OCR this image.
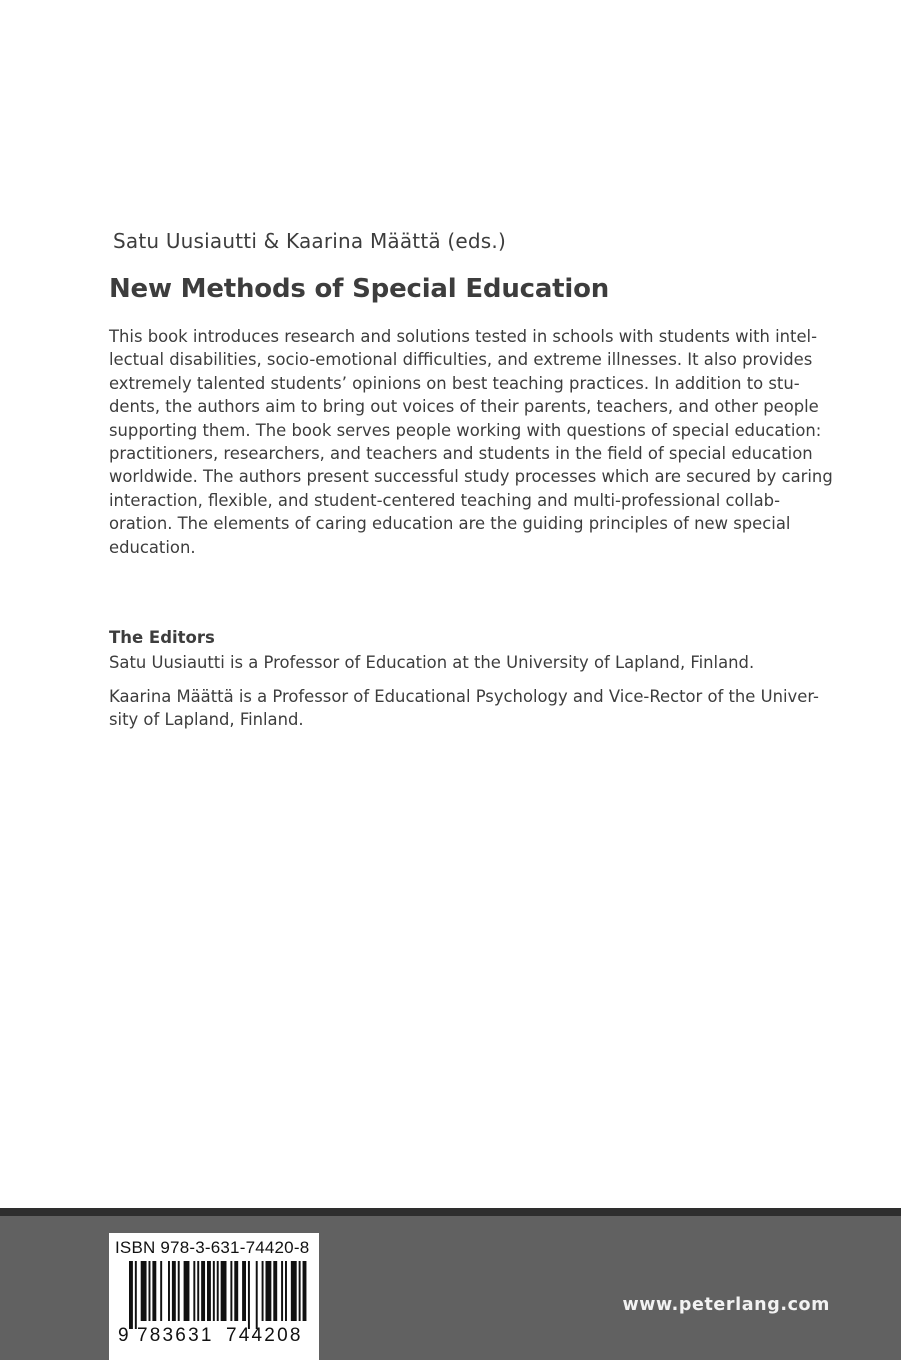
Satu Uusiautti & Kaarina Määttä (eds.)
New Methods of Special Education
This book introduces research and solutions tested in schools with students with intel-
lectual disabilities, socio-emotional difficulties, and extreme illnesses. It also provides
extremely talented students’ opinions on best teaching practices. In addition to stu-
dents, the authors aim to bring out voices of their parents, teachers, and other people
supporting them. The book serves people working with questions of special education:
practitioners, researchers, and teachers and students in the field of special education
worldwide. The authors present successful study processes which are secured by caring
interaction, flexible, and student-centered teaching and multi-professional collab-
oration. The elements of caring education are the guiding principles of new special
education.
The Editors
Satu Uusiautti is a Professor of Education at the University of Lapland, Finland.
Kaarina Määttä is a Professor of Educational Psychology and Vice-Rector of the Univer-
sity of Lapland, Finland.
ISBN 978-3-631-74420-8
9 783631 744208
www.peterlang.com
